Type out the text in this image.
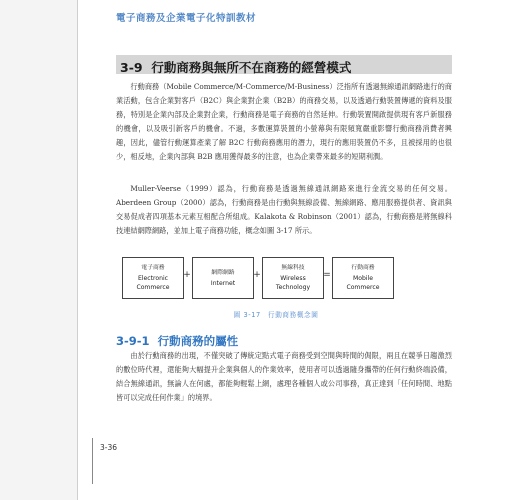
電子商務及企業電子化特訓教材
3-9 行動商務與無所不在商務的經營模式

行動商務（Mobile Commerce/M-Commerce/M-Business）泛指所有透過無線通訊網路進行的商業活動，包含企業對客戶（B2C）與企業對企業（B2B）的商務交易，以及透過行動裝置傳遞的資料及服務，特別是企業內部及企業對企業，行動商務是電子商務的自然延伸。行動裝置開啟提供現有客戶新服務的機會，以及吸引新客戶的機會。不過，多數運算裝置的小螢幕與有限頻寬嚴重影響行動商務消費者興趣，因此，儘管行動運算產業了解 B2C 行動商務應用的潛力，現行的應用裝置仍不多，且被採用的也很少，相反地，企業內部與 B2B 應用獲得最多的注意，也為企業帶來最多的短期利潤。

Muller-Veerse（1999）認為，行動商務是透過無線通訊網路來進行金流交易的任何交易。Aberdeen Group（2000）認為，行動商務是由行動與無線設備、無線網路、應用服務提供者、資訊與交易促成者四項基本元素互相配合所組成。Kalakota & Robinson（2001）認為，行動商務是將無線科技連結網際網路，並加上電子商務功能，概念如圖 3-17 所示。

電子商務
Electronic
Commerce
+	網際網路
Internet
+
無線科技
Wireless
Technology
=
行動商務
Mobile
Commerce
圖 3-17　行動商務概念圖
3-9-1 行動商務的屬性

由於行動商務的出現，不僅突破了傳統定點式電子商務受到空間與時間的侷限，兩且在競爭日趨激烈的數位時代裡，還能夠大幅提升企業與個人的作業效率，使用者可以透過隨身攜帶的任何行動終端設備，結合無線通訊，無論人在何處，都能夠輕鬆上網，處理各種個人或公司事務，真正達到「任何時間、地點皆可以完成任何作業」的境界。

3-36
